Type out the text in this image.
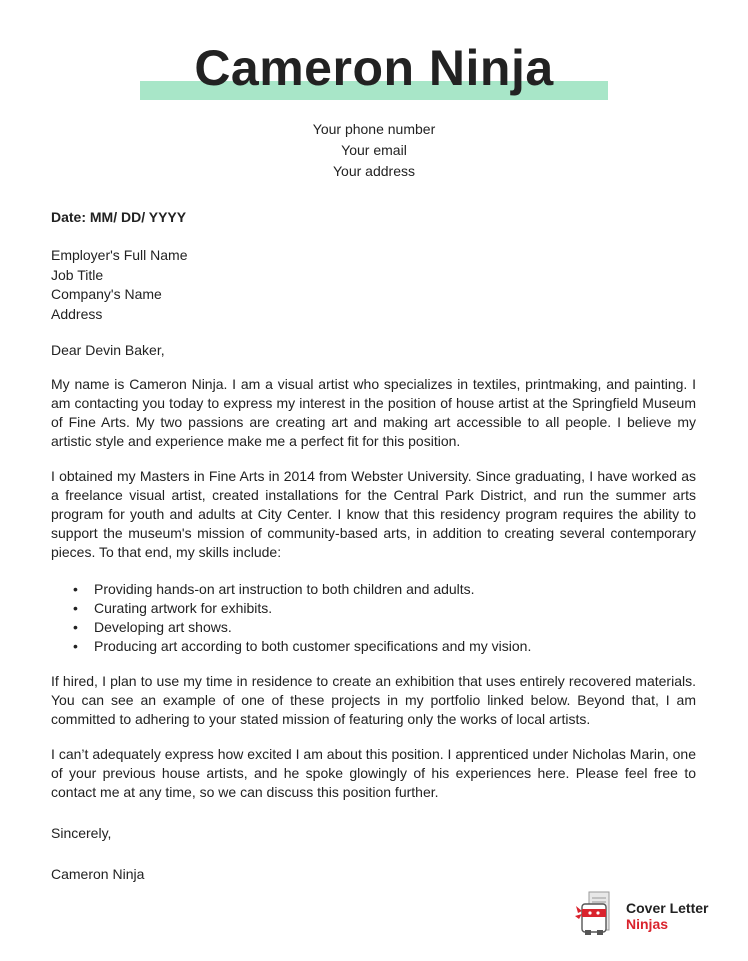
Cameron Ninja
Your phone number
Your email
Your address
Date: MM/ DD/ YYYY
Employer's Full Name
Job Title
Company's Name
Address
Dear Devin Baker,

My name is Cameron Ninja. I am a visual artist who specializes in textiles, printmaking, and painting. I am contacting you today to express my interest in the position of house artist at the Springfield Museum of Fine Arts. My two passions are creating art and making art accessible to all people. I believe my artistic style and experience make me a perfect fit for this position.

I obtained my Masters in Fine Arts in 2014 from Webster University. Since graduating, I have worked as a freelance visual artist, created installations for the Central Park District, and run the summer arts program for youth and adults at City Center. I know that this residency program requires the ability to support the museum's mission of community-based arts, in addition to creating several contemporary pieces. To that end, my skills include:

• Providing hands-on art instruction to both children and adults.
• Curating artwork for exhibits.
• Developing art shows.
• Producing art according to both customer specifications and my vision.

If hired, I plan to use my time in residence to create an exhibition that uses entirely recovered materials. You can see an example of one of these projects in my portfolio linked below. Beyond that, I am committed to adhering to your stated mission of featuring only the works of local artists.

I can’t adequately express how excited I am about this position. I apprenticed under Nicholas Marin, one of your previous house artists, and he spoke glowingly of his experiences here. Please feel free to contact me at any time, so we can discuss this position further.

Sincerely,
Cameron Ninja
Cover Letter
Ninjas
